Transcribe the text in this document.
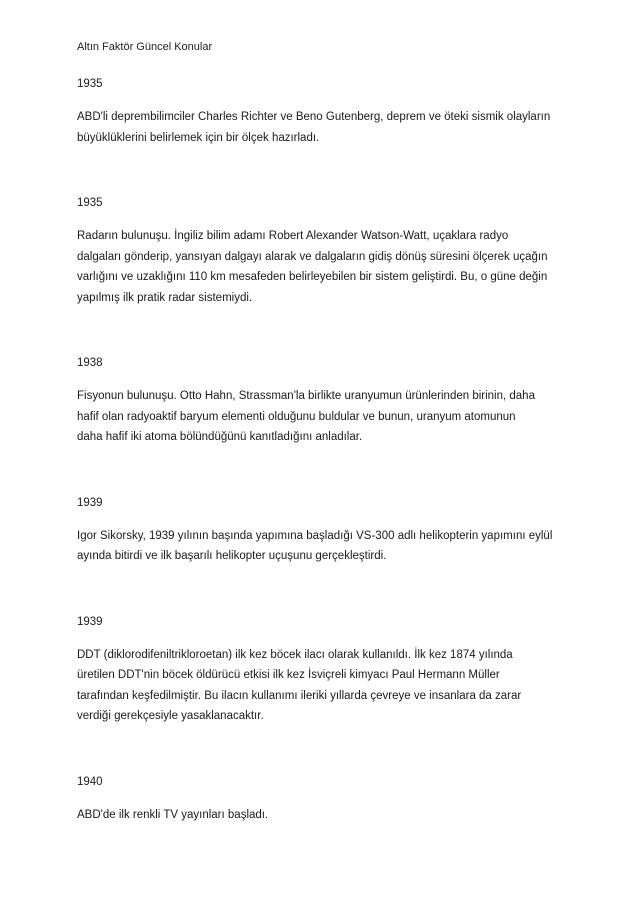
Altın Faktör Güncel Konular
1935

ABD'li deprembilimciler Charles Richter ve Beno Gutenberg, deprem ve öteki sismik olayların
büyüklüklerini belirlemek için bir ölçek hazırladı.

1935

Radarın bulunuşu. İngiliz bilim adamı Robert Alexander Watson-Watt, uçaklara radyo
dalgaları gönderip, yansıyan dalgayı alarak ve dalgaların gidiş dönüş süresini ölçerek uçağın
varlığını ve uzaklığını 110 km mesafeden belirleyebilen bir sistem geliştirdi. Bu, o güne değin
yapılmış ilk pratik radar sistemiydi.

1938

Fisyonun bulunuşu. Otto Hahn, Strassman'la birlikte uranyumun ürünlerinden birinin, daha
hafif olan radyoaktif baryum elementi olduğunu buldular ve bunun, uranyum atomunun
daha hafif iki atoma bölündüğünü kanıtladığını anladılar.

1939

Igor Sikorsky, 1939 yılının başında yapımına başladığı VS-300 adlı helikopterin yapımını eylül
ayında bitirdi ve ilk başarılı helikopter uçuşunu gerçekleştirdi.

1939

DDT (diklorodifeniltrikloroetan) ilk kez böcek ilacı olarak kullanıldı. İlk kez 1874 yılında
üretilen DDT'nin böcek öldürücü etkisi ilk kez İsviçreli kimyacı Paul Hermann Müller
tarafından keşfedilmiştir. Bu ilacın kullanımı ileriki yıllarda çevreye ve insanlara da zarar
verdiği gerekçesiyle yasaklanacaktır.

1940

ABD'de ilk renkli TV yayınları başladı.
